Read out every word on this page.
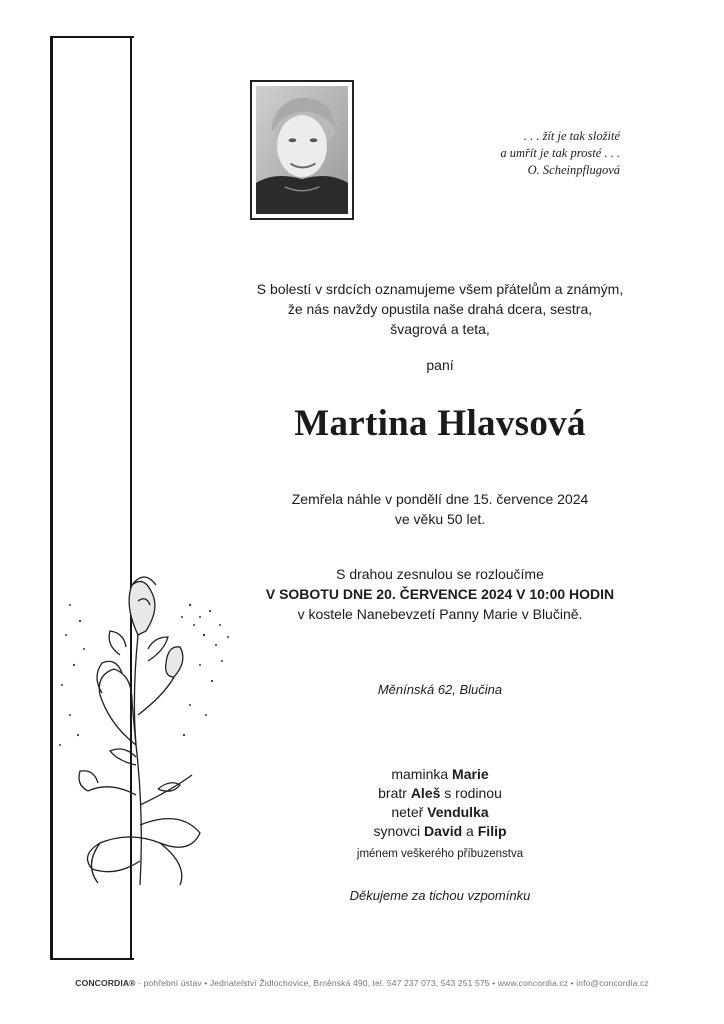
. . . žít je tak složité
a umřít je tak prosté . . .
O. Scheinpflugová
S bolestí v srdcích oznamujeme všem přátelům a známým,
že nás navždy opustila naše drahá dcera, sestra,
švagrová a teta,
paní
Martina Hlavsová
Zemřela náhle v pondělí dne 15. července 2024
ve věku 50 let.
S drahou zesnulou se rozloučíme
V SOBOTU DNE 20. ČERVENCE 2024 V 10:00 HODIN
v kostele Nanebevzetí Panny Marie v Blučině.
Měnínská 62, Blučina
maminka Marie
bratr Aleš s rodinou
neteř Vendulka
synovci David a Filip
jménem veškerého příbuzenstva
Děkujeme za tichou vzpomínku
CONCORDIA® - pohřební ústav • Jednatelství Židlochovice, Brněnská 490, tel. 547 237 073, 543 251 575 • www.concordia.cz • info@concordia.cz
